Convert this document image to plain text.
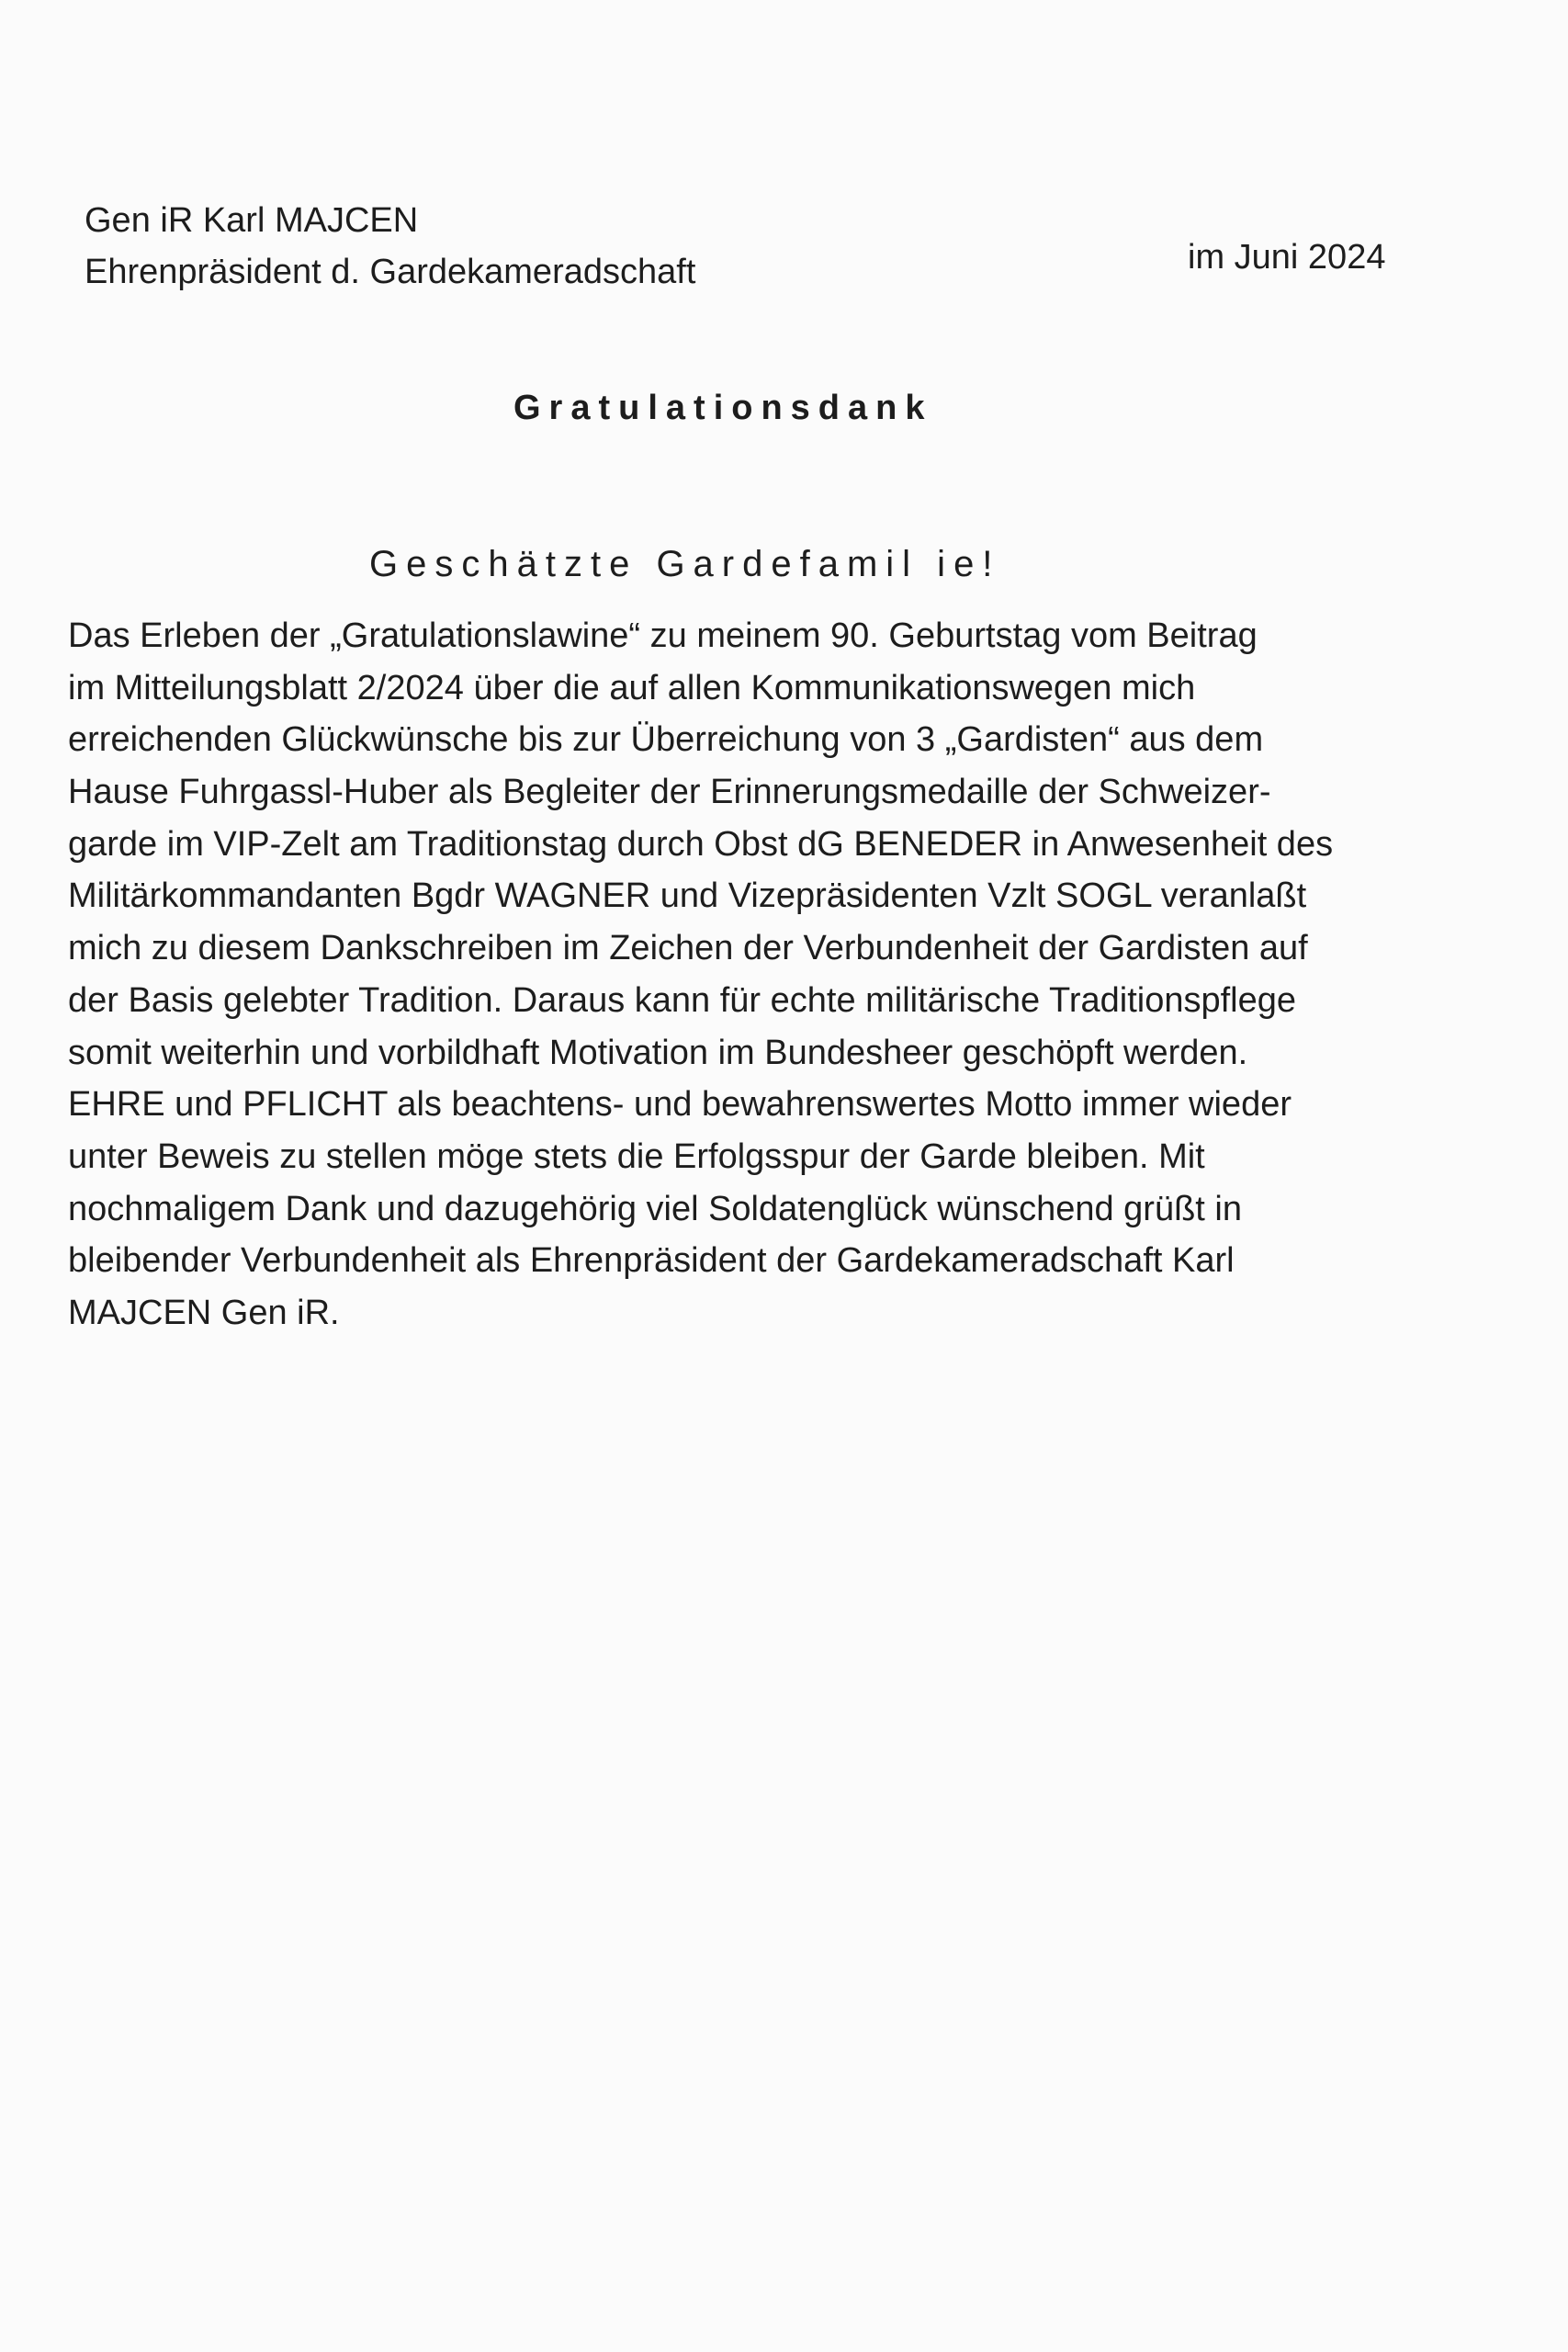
Gen iR Karl MAJCEN
Ehrenpräsident d. Gardekameradschaft	im Juni 2024
Gratulationsdank
Geschätzte Gardefamil ie!
Das Erleben der „Gratulationslawine“ zu meinem 90. Geburtstag vom Beitrag
im Mitteilungsblatt 2/2024 über die auf allen Kommunikationswegen mich
erreichenden Glückwünsche bis zur Überreichung von 3 „Gardisten“ aus dem
Hause Fuhrgassl-Huber als Begleiter der Erinnerungsmedaille der Schweizer-
garde im VIP-Zelt am Traditionstag durch Obst dG BENEDER in Anwesenheit des
Militärkommandanten Bgdr WAGNER und Vizepräsidenten Vzlt SOGL veranlaßt
mich zu diesem Dankschreiben im Zeichen der Verbundenheit der Gardisten auf
der Basis gelebter Tradition. Daraus kann für echte militärische Traditionspflege
somit weiterhin und vorbildhaft Motivation im Bundesheer geschöpft werden.
EHRE und PFLICHT als beachtens- und bewahrenswertes Motto immer wieder
unter Beweis zu stellen möge stets die Erfolgsspur der Garde bleiben. Mit
nochmaligem Dank und dazugehörig viel Soldatenglück wünschend grüßt in
bleibender Verbundenheit als Ehrenpräsident der Gardekameradschaft Karl
MAJCEN Gen iR.
